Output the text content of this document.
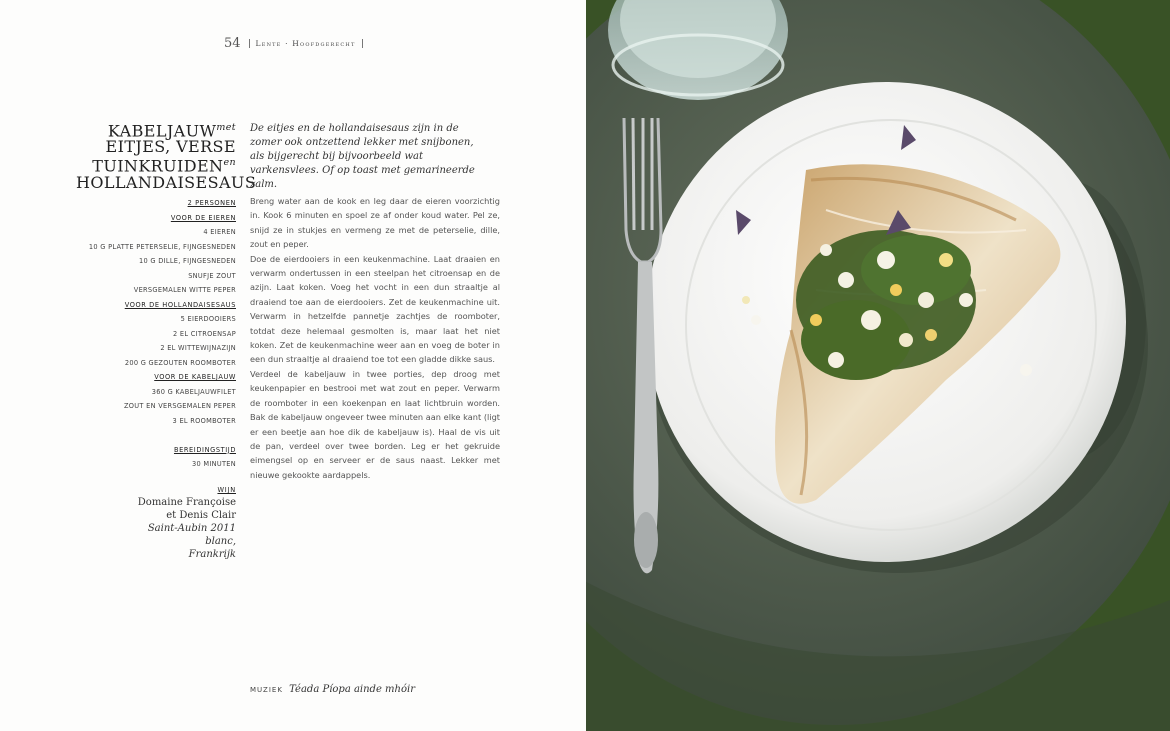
54	Lente · Hoofdgerecht
$KABELJAUW^{met}$
EITJES, VERSE
$TUINKRUIDEN^{en}$
HOLLANDAISESAUS
De eitjes en de hollandaisesaus zijn in de zomer ook ontzettend lekker met snijbonen, als bijgerecht bij bijvoorbeeld wat varkensvlees. Of op toast met gemarineerde zalm.
2 PERSONEN
VOOR DE EIEREN
4 EIEREN
10 G PLATTE PETERSELIE, FIJNGESNEDEN
10 G DILLE, FIJNGESNEDEN
SNUFJE ZOUT
VERSGEMALEN WITTE PEPER
VOOR DE HOLLANDAISESAUS
5 EIERDOOIERS
2 EL CITROENSAP
2 EL WITTEWIJNAZIJN
200 G GEZOUTEN ROOMBOTER
VOOR DE KABELJAUW
360 G KABELJAUWFILET
ZOUT EN VERSGEMALEN PEPER
3 EL ROOMBOTER

BEREIDINGSTIJD
30 MINUTEN
WIJN
Domaine Françoise
et Denis Clair
Saint-Aubin 2011 blanc,
Frankrijk

Breng water aan de kook en leg daar de eieren voorzichtig in. Kook 6 minuten en spoel ze af onder koud water. Pel ze, snijd ze in stukjes en vermeng ze met de peterselie, dille, zout en peper.

Doe de eierdooiers in een keukenmachine. Laat draaien en verwarm ondertussen in een steelpan het citroensap en de azijn. Laat koken. Voeg het vocht in een dun straaltje al draaiend toe aan de eierdooiers. Zet de keukenmachine uit. Verwarm in hetzelfde pannetje zachtjes de roomboter, totdat deze helemaal gesmolten is, maar laat het niet koken. Zet de keukenmachine weer aan en voeg de boter in een dun straaltje al draaiend toe tot een gladde dikke saus.

Verdeel de kabeljauw in twee porties, dep droog met keukenpapier en bestrooi met wat zout en peper. Verwarm de roomboter in een koekenpan en laat lichtbruin worden. Bak de kabeljauw ongeveer twee minuten aan elke kant (ligt er een beetje aan hoe dik de kabeljauw is). Haal de vis uit de pan, verdeel over twee borden. Leg er het gekruide eimengsel op en serveer er de saus naast. Lekker met nieuwe gekookte aardappels.

MUZIEK Téada Píopa ainde mhóir
